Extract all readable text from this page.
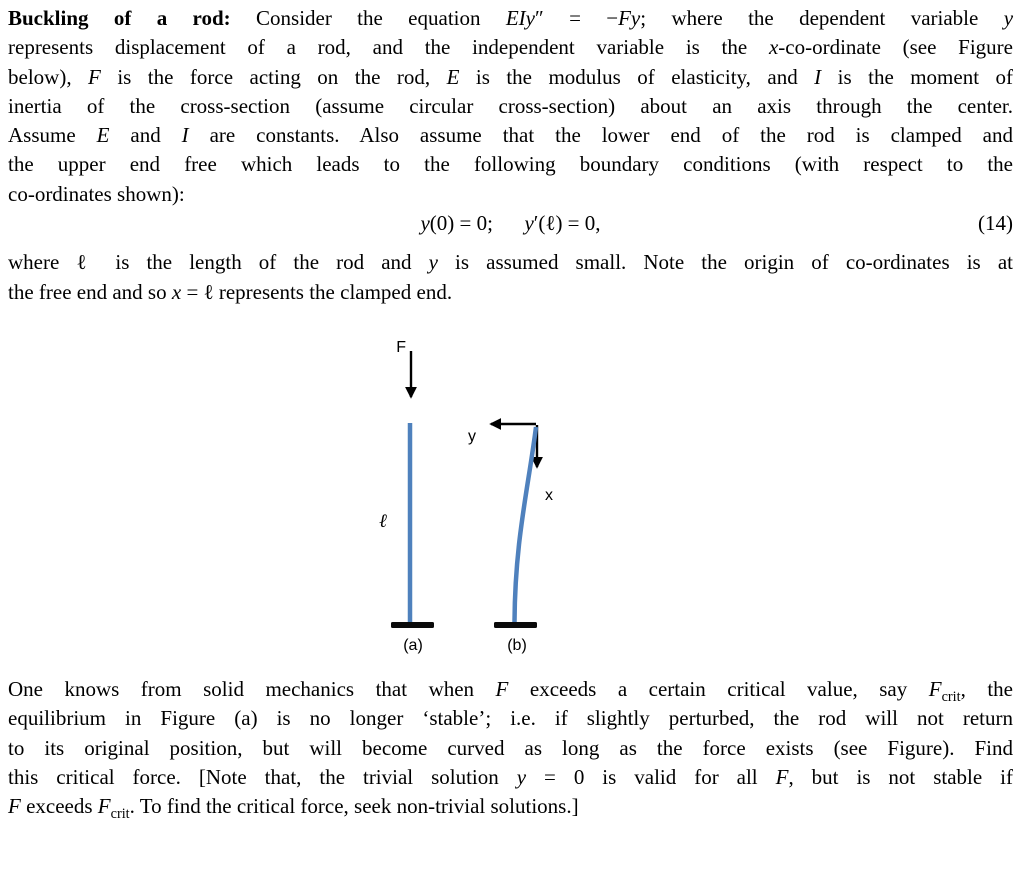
Buckling of a rod: Consider the equation EIy″ = −Fy; where the dependent variable y
represents displacement of a rod, and the independent variable is the x-co-ordinate (see Figure
below), F is the force acting on the rod, E is the modulus of elasticity, and I is the moment of
inertia of the cross-section (assume circular cross-section) about an axis through the center.
Assume E and I are constants. Also assume that the lower end of the rod is clamped and
the upper end free which leads to the following boundary conditions (with respect to the
co-ordinates shown):
y(0) = 0;  y′(ℓ) = 0,	(14)
where ℓ is the length of the rod and y is assumed small. Note the origin of co-ordinates is at
the free end and so x = ℓ represents the clamped end.
F
ℓ
(a)
y
x
(b)
One knows from solid mechanics that when F exceeds a certain critical value, say $F_{crit}$, the
equilibrium in Figure (a) is no longer ‘stable’; i.e. if slightly perturbed, the rod will not return
to its original position, but will become curved as long as the force exists (see Figure). Find
this critical force. [Note that, the trivial solution y = 0 is valid for all F, but is not stable if
F exceeds $F_{crit}$. To find the critical force, seek non-trivial solutions.]
